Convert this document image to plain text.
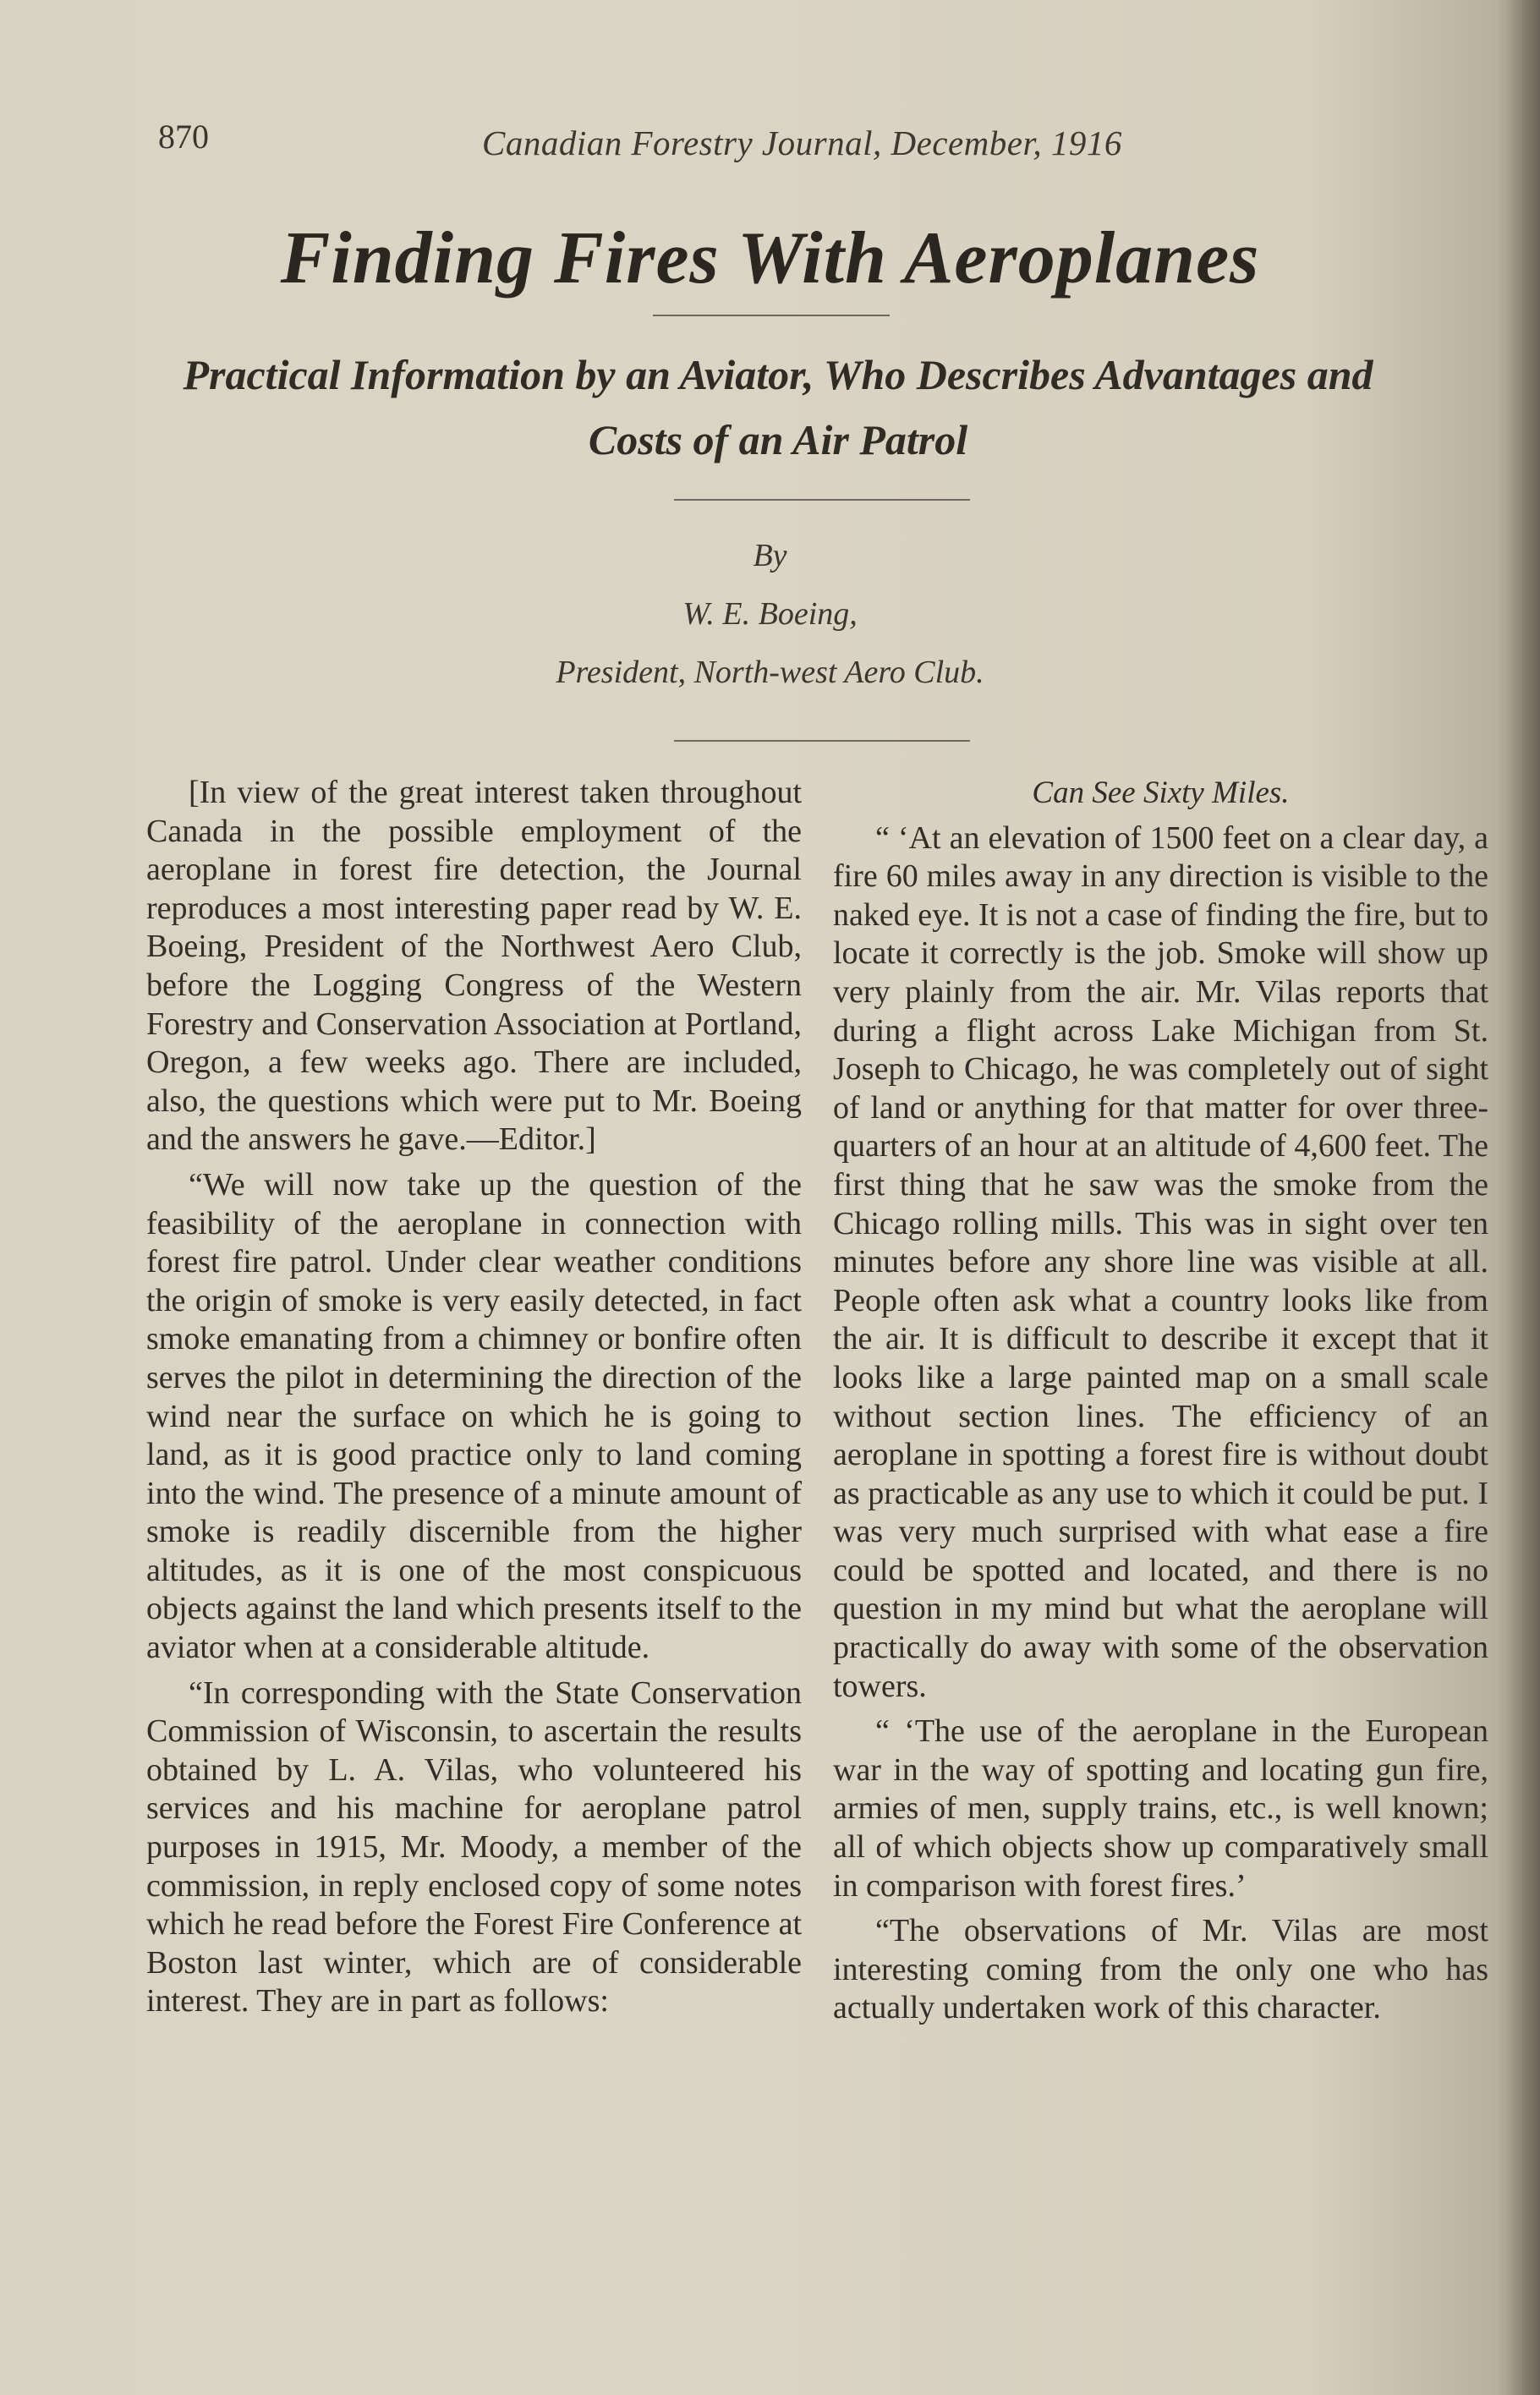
870	Canadian Forestry Journal, December, 1916
Finding Fires With Aeroplanes
Practical Information by an Aviator, Who Describes Advantages and Costs of an Air Patrol
By
W. E. Boeing,
President, North-west Aero Club.

[In view of the great interest taken throughout Canada in the possible employment of the aeroplane in forest fire detection, the Journal reproduces a most interesting paper read by W. E. Boeing, President of the Northwest Aero Club, before the Logging Congress of the Western Forestry and Conservation Association at Portland, Oregon, a few weeks ago. There are included, also, the questions which were put to Mr. Boeing and the answers he gave.—Editor.]

“We will now take up the question of the feasibility of the aeroplane in connection with forest fire patrol. Under clear weather conditions the origin of smoke is very easily detected, in fact smoke emanating from a chimney or bonfire often serves the pilot in determining the direction of the wind near the surface on which he is going to land, as it is good practice only to land coming into the wind. The presence of a minute amount of smoke is readily discernible from the higher altitudes, as it is one of the most conspicuous objects against the land which presents itself to the aviator when at a considerable altitude.

“In corresponding with the State Conservation Commission of Wisconsin, to ascertain the results obtained by L. A. Vilas, who volunteered his services and his machine for aeroplane patrol purposes in 1915, Mr. Moody, a member of the commission, in reply enclosed copy of some notes which he read before the Forest Fire Conference at Boston last winter, which are of considerable interest. They are in part as follows:

Can See Sixty Miles.

“ ‘At an elevation of 1500 feet on a clear day, a fire 60 miles away in any direction is visible to the naked eye. It is not a case of finding the fire, but to locate it correctly is the job. Smoke will show up very plainly from the air. Mr. Vilas reports that during a flight across Lake Michigan from St. Joseph to Chicago, he was completely out of sight of land or anything for that matter for over three-quarters of an hour at an altitude of 4,600 feet. The first thing that he saw was the smoke from the Chicago rolling mills. This was in sight over ten minutes before any shore line was visible at all. People often ask what a country looks like from the air. It is difficult to describe it except that it looks like a large painted map on a small scale without section lines. The efficiency of an aeroplane in spotting a forest fire is without doubt as practicable as any use to which it could be put. I was very much surprised with what ease a fire could be spotted and located, and there is no question in my mind but what the aeroplane will practically do away with some of the observation towers.

“ ‘The use of the aeroplane in the European war in the way of spotting and locating gun fire, armies of men, supply trains, etc., is well known; all of which objects show up comparatively small in comparison with forest fires.’

“The observations of Mr. Vilas are most interesting coming from the only one who has actually undertaken work of this character.
